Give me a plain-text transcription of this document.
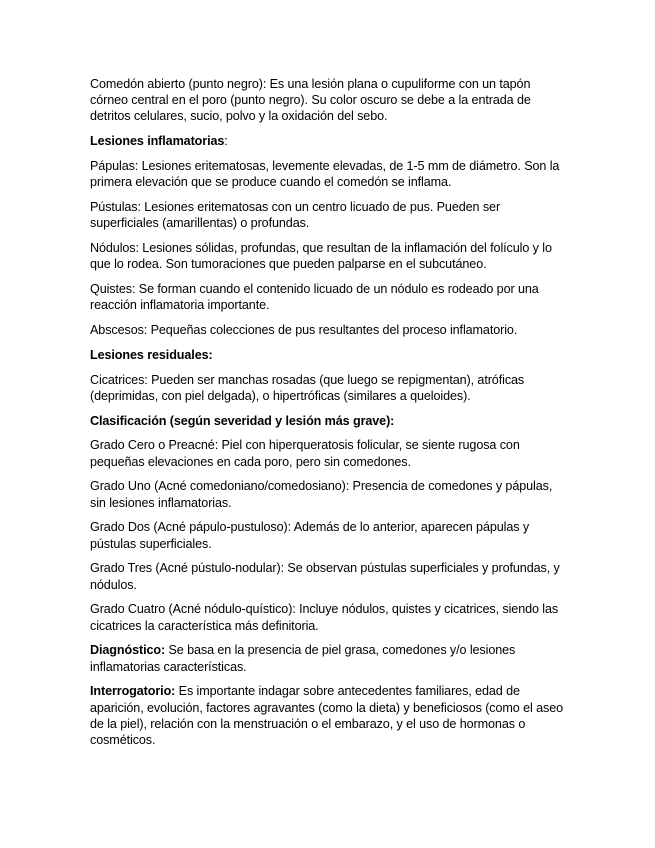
Comedón abierto (punto negro): Es una lesión plana o cupuliforme con un tapón córneo central en el poro (punto negro). Su color oscuro se debe a la entrada de detritos celulares, sucio, polvo y la oxidación del sebo.

Lesiones inflamatorias:

Pápulas: Lesiones eritematosas, levemente elevadas, de 1-5 mm de diámetro. Son la primera elevación que se produce cuando el comedón se inflama.

Pústulas: Lesiones eritematosas con un centro licuado de pus. Pueden ser superficiales (amarillentas) o profundas.

Nódulos: Lesiones sólidas, profundas, que resultan de la inflamación del folículo y lo que lo rodea. Son tumoraciones que pueden palparse en el subcutáneo.

Quistes: Se forman cuando el contenido licuado de un nódulo es rodeado por una reacción inflamatoria importante.

Abscesos: Pequeñas colecciones de pus resultantes del proceso inflamatorio.

Lesiones residuales:

Cicatrices: Pueden ser manchas rosadas (que luego se repigmentan), atróficas (deprimidas, con piel delgada), o hipertróficas (similares a queloides).

Clasificación (según severidad y lesión más grave):

Grado Cero o Preacné: Piel con hiperqueratosis folicular, se siente rugosa con pequeñas elevaciones en cada poro, pero sin comedones.

Grado Uno (Acné comedoniano/comedosiano): Presencia de comedones y pápulas, sin lesiones inflamatorias.

Grado Dos (Acné pápulo-pustuloso): Además de lo anterior, aparecen pápulas y pústulas superficiales.

Grado Tres (Acné pústulo-nodular): Se observan pústulas superficiales y profundas, y nódulos.

Grado Cuatro (Acné nódulo-quístico): Incluye nódulos, quistes y cicatrices, siendo las cicatrices la característica más definitoria.

Diagnóstico: Se basa en la presencia de piel grasa, comedones y/o lesiones inflamatorias características.

Interrogatorio: Es importante indagar sobre antecedentes familiares, edad de aparición, evolución, factores agravantes (como la dieta) y beneficiosos (como el aseo de la piel), relación con la menstruación o el embarazo, y el uso de hormonas o cosméticos.
